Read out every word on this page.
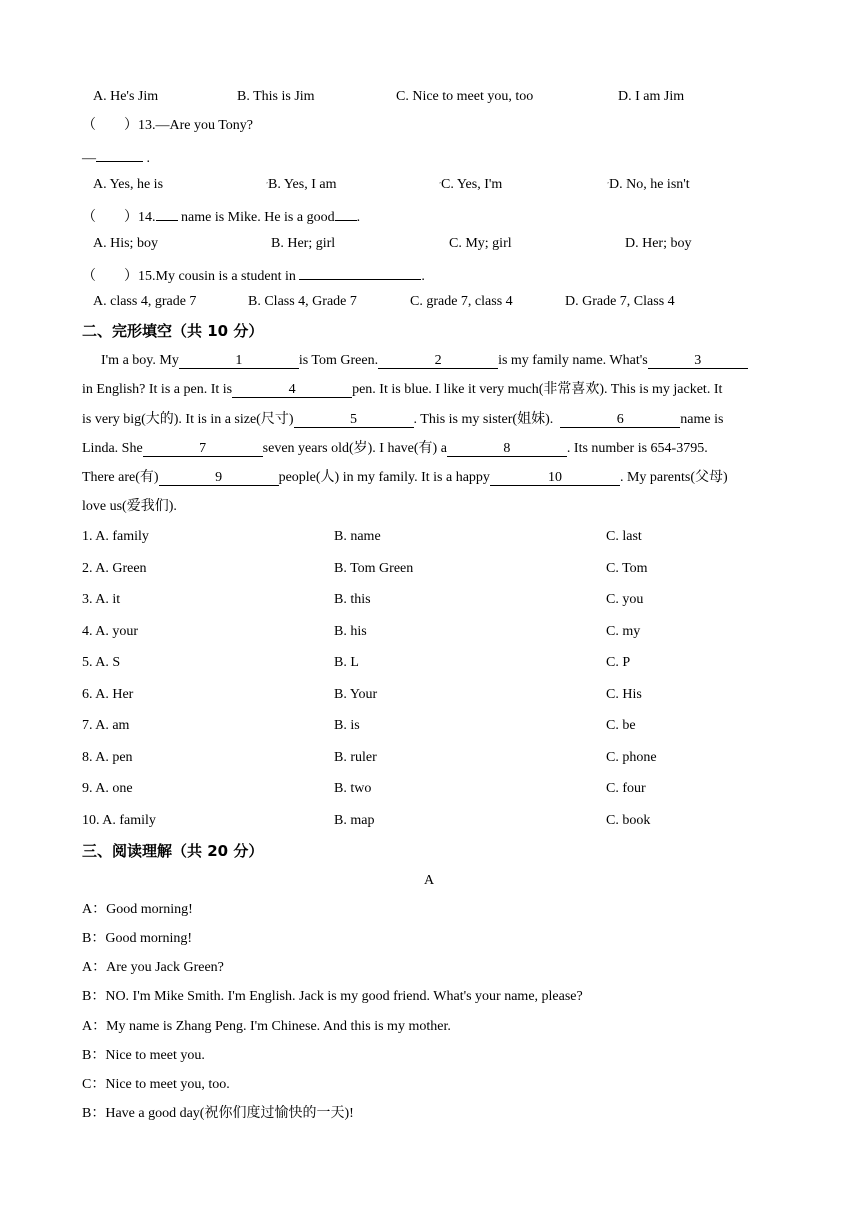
A. He's Jim	B. This is Jim	C. Nice to meet you, too	D. I am Jim
（　　）13.—Are you Tony?
—	.
A. Yes, he is	’B. Yes, I am	’C. Yes, I'm	’D. No, he isn't
（　　）14. name is Mike. He is a good .
A. His; boy	B. Her; girl	C. My; girl	D. Her; boy
（　　）15.My cousin is a student in	.
A. class 4, grade 7	B. Class 4, Grade 7	C. grade 7, class 4	D. Grade 7, Class 4
二、完形填空（共 10 分）
I'm a boy. My	1	is Tom Green.	2	is my family name. What's	3
in English? It is a pen. It is	4	pen. It is blue. I like it very much(非常喜欢). This is my jacket. It
is very big(大的). It is in a size(尺寸)	5	. This is my sister(姐妹).	6	name is
Linda. She	7	seven years old(岁). I have(有) a	8	. Its number is 654-3795.
There are(有)	9	people(人) in my family. It is a happy	10	. My parents(父母)
love us(爱我们).
1. A. family	B. name	C. last
2. A. Green	B. Tom Green	C. Tom
3. A. it	B. this	C. you
4. A. your	B. his	C. my
5. A. S	B. L	C. P
6. A. Her	B. Your	C. His
7. A. am	B. is	C. be
8. A. pen	B. ruler	C. phone
9. A. one	B. two	C. four
10. A. family	B. map	C. book
三、阅读理解（共 20 分）
A
A：Good morning!
B：Good morning!
A：Are you Jack Green?
B：NO. I'm Mike Smith. I'm English. Jack is my good friend. What's your name, please?
A：My name is Zhang Peng. I'm Chinese. And this is my mother.
B：Nice to meet you.
C：Nice to meet you, too.
B：Have a good day(祝你们度过愉快的一天)!
